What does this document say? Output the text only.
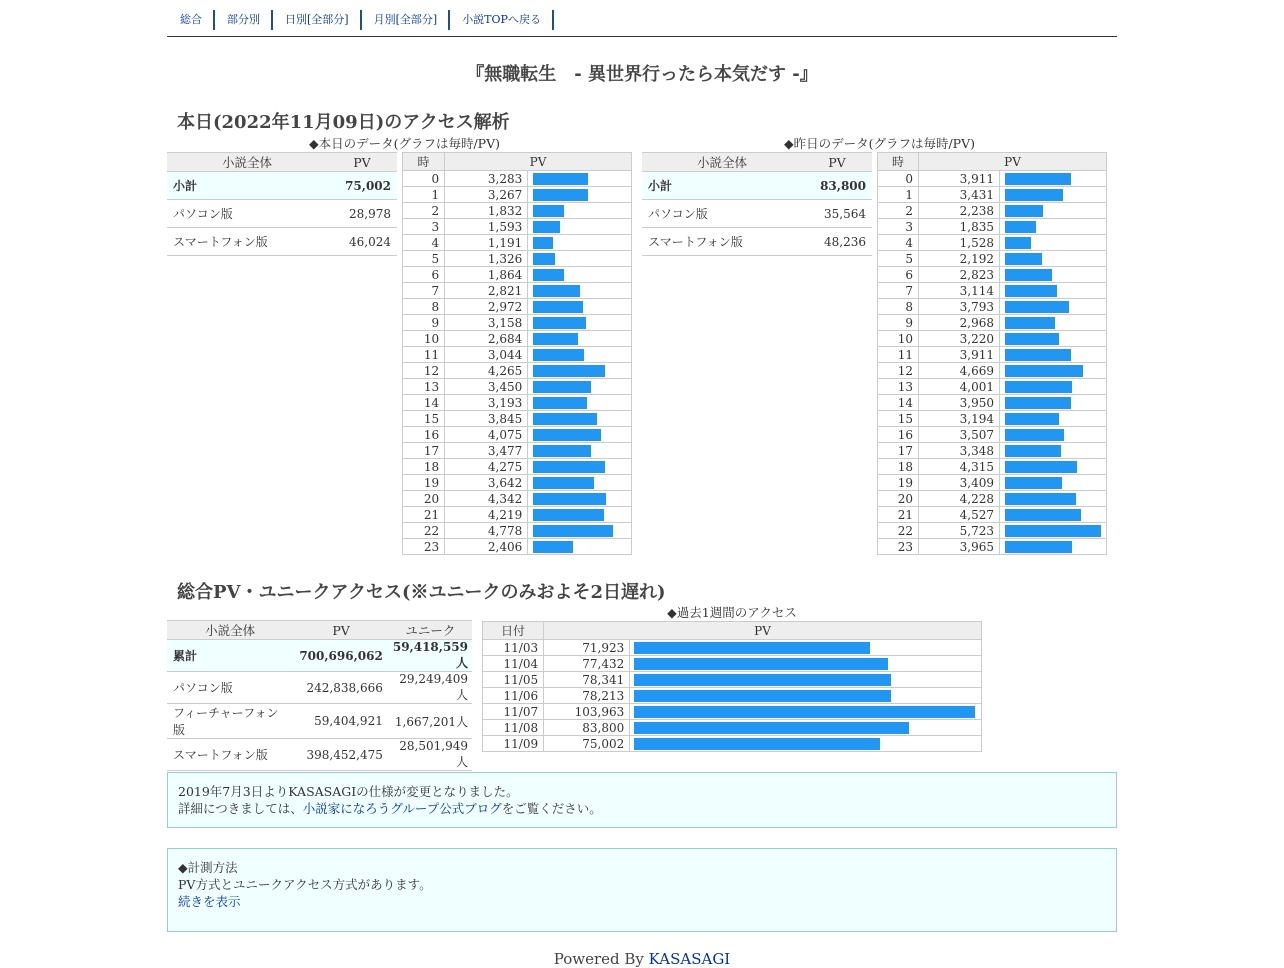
総合	部分別	日別[全部分]	月別[全部分]	小説TOPへ戻る
『無職転生　- 異世界行ったら本気だす -』
本日(2022年11月09日)のアクセス解析
◆本日のデータ(グラフは毎時/PV)	◆昨日のデータ(グラフは毎時/PV)
小説全体	PV
小計	75,002
パソコン版	28,978
スマートフォン版	46,024
時	PV	
0	3,283	

1	3,267	

2	1,832	

3	1,593	

4	1,191	

5	1,326	

6	1,864	

7	2,821	

8	2,972	

9	3,158	

10	2,684	

11	3,044	

12	4,265	

13	3,450	

14	3,193	

15	3,845	

16	4,075	

17	3,477	

18	4,275	

19	3,642	

20	4,342	

21	4,219	

22	4,778	

23	2,406	
小説全体	PV
小計	83,800
パソコン版	35,564
スマートフォン版	48,236
時	PV	
0	3,911	

1	3,431	

2	2,238	

3	1,835	

4	1,528	

5	2,192	

6	2,823	

7	3,114	

8	3,793	

9	2,968	

10	3,220	

11	3,911	

12	4,669	

13	4,001	

14	3,950	

15	3,194	

16	3,507	

17	3,348	

18	4,315	

19	3,409	

20	4,228	

21	4,527	

22	5,723	

23	3,965	
総合PV・ユニークアクセス(※ユニークのみおよそ2日遅れ)
◆過去1週間のアクセス
小説全体	PV	ユニーク
累計	700,696,062	59,418,559人
パソコン版	242,838,666	29,249,409人
フィーチャーフォン版	59,404,921	1,667,201人
スマートフォン版	398,452,475	28,501,949人
日付	PV	
11/03	71,923	

11/04	77,432	

11/05	78,341	

11/06	78,213	

11/07	103,963	

11/08	83,800	

11/09	75,002	
2019年7月3日よりKASASAGIの仕様が変更となりました。
詳細につきましては、小説家になろうグループ公式ブログをご覧ください。
◆計測方法
PV方式とユニークアクセス方式があります。
続きを表示
Powered By KASASAGI
